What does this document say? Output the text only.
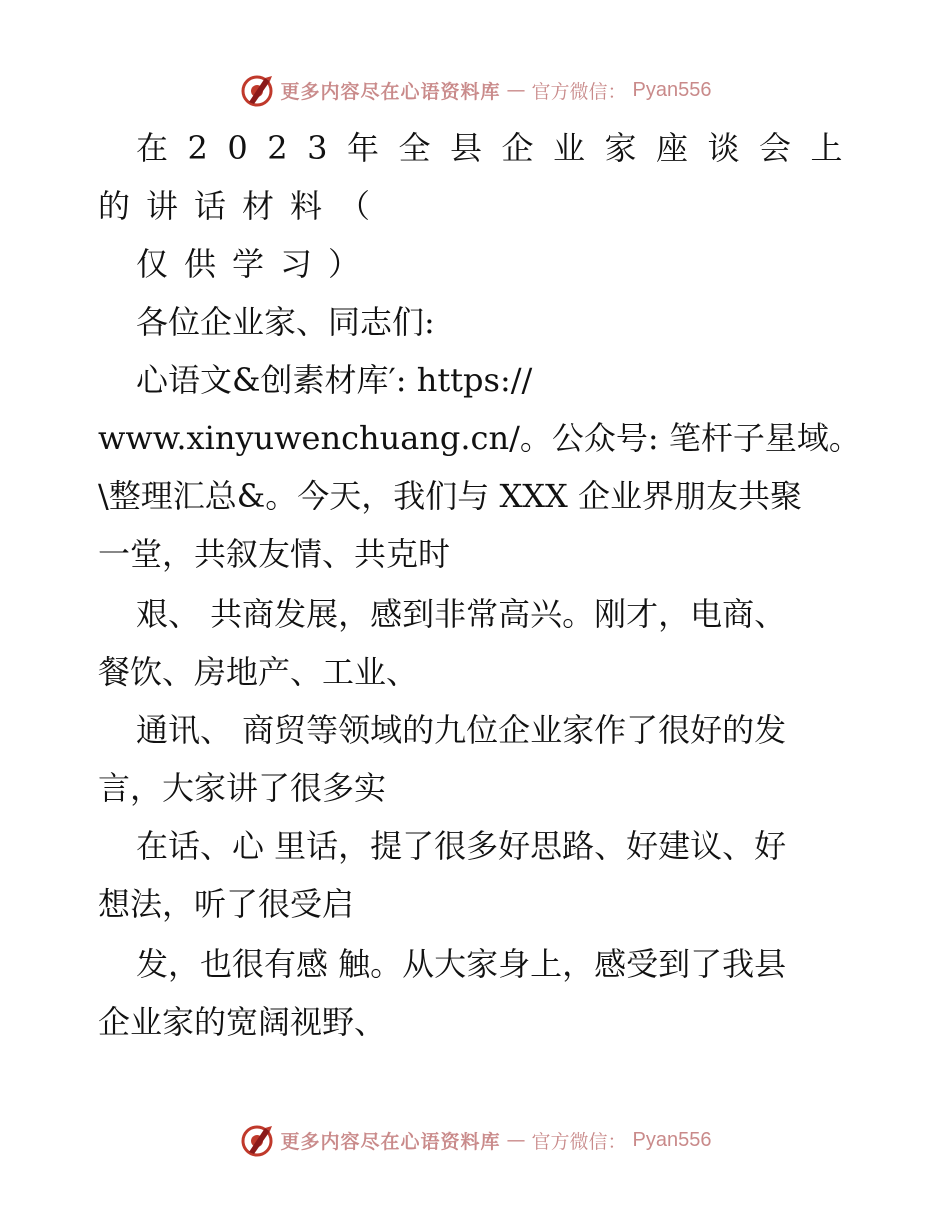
更多内容尽在心语资料库 — 官方微信： Pyan556
在2023年全县企业家座谈会上
的讲话材料（
仅供学习）
各位企业家、同志们:
心语文&创素材库′: https://
www.xinyuwenchuang.cn/。公众号: 笔杆子星域。
\整理汇总&。今天，我们与 XXX 企业界朋友共聚
一堂，共叙友情、共克时
艰、 共商发展，感到非常高兴。刚才，电商、
餐饮、房地产、工业、
通讯、 商贸等领域的九位企业家作了很好的发
言，大家讲了很多实
在话、心 里话，提了很多好思路、好建议、好
想法，听了很受启
发，也很有感 触。从大家身上，感受到了我县
企业家的宽阔视野、
更多内容尽在心语资料库 — 官方微信： Pyan556
